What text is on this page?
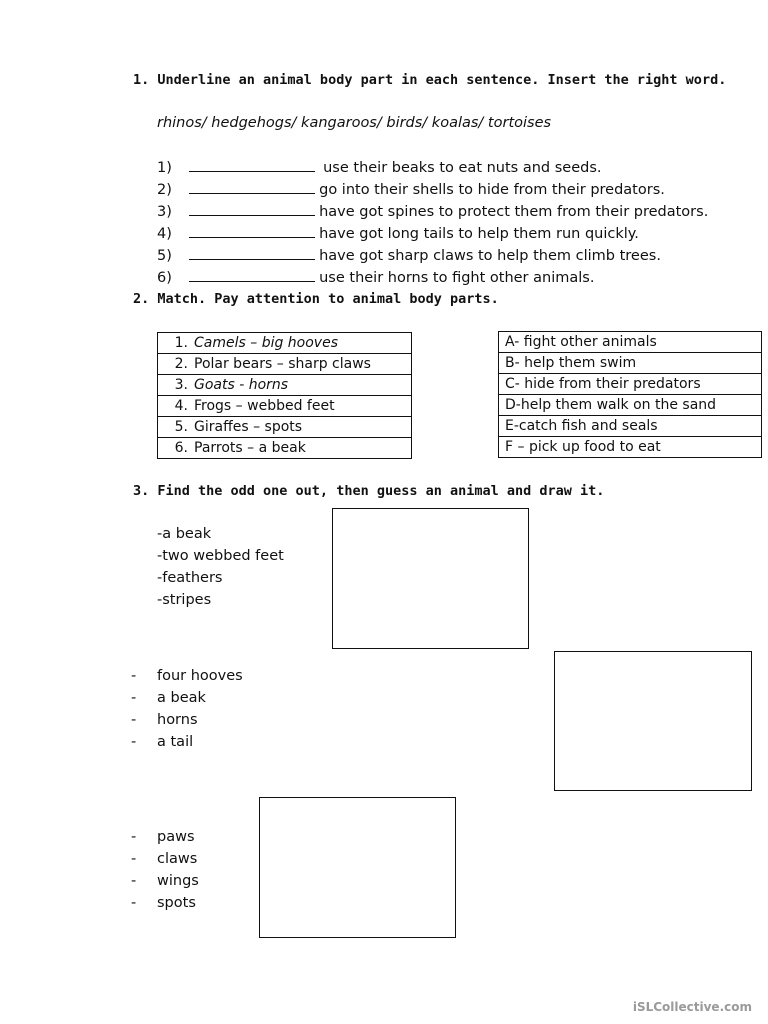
1. Underline an animal body part in each sentence. Insert the right word.
rhinos/ hedgehogs/ kangaroos/ birds/ koalas/ tortoises
1)	use their beaks to eat nuts and seeds.
2)	go into their shells to hide from their predators.
3)	have got spines to protect them from their predators.
4)	have got long tails to help them run quickly.
5)	have got sharp claws to help them climb trees.
6)	use their horns to fight other animals.
2. Match. Pay attention to animal body parts.
1. Camels – big hooves
2. Polar bears – sharp claws
3. Goats - horns
4. Frogs – webbed feet
5. Giraffes – spots
6. Parrots – a beak
A- fight other animals
B- help them swim
C- hide from their predators
D-help them walk on the sand
E-catch fish and seals
F – pick up food to eat
3. Find the odd one out, then guess an animal and draw it.
-a beak
-two webbed feet
-feathers
-stripes
- four hooves
- a beak
- horns
- a tail
- paws
- claws
- wings
- spots
iSLCollective.com
